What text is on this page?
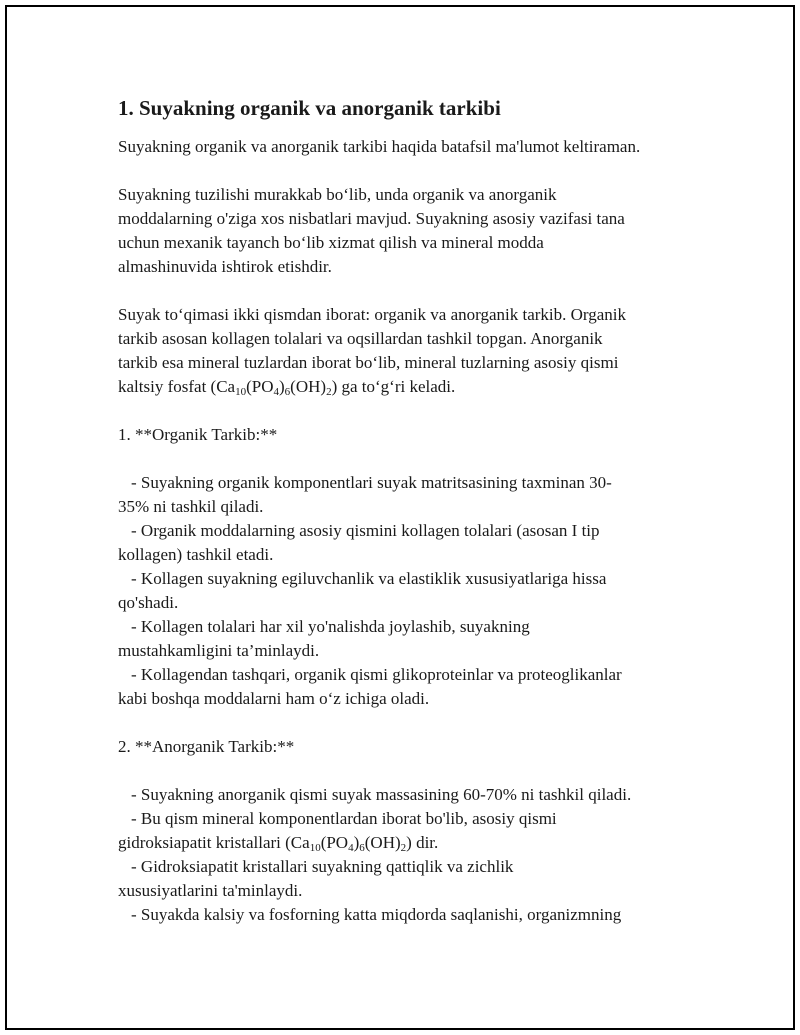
1. Suyakning organik va anorganik tarkibi

Suyakning organik va anorganik tarkibi haqida batafsil ma'lumot keltiraman.

Suyakning tuzilishi murakkab bo‘lib, unda organik va anorganik
moddalarning o'ziga xos nisbatlari mavjud. Suyakning asosiy vazifasi tana
uchun mexanik tayanch bo‘lib xizmat qilish va mineral modda
almashinuvida ishtirok etishdir.

Suyak to‘qimasi ikki qismdan iborat: organik va anorganik tarkib. Organik
tarkib asosan kollagen tolalari va oqsillardan tashkil topgan. Anorganik
tarkib esa mineral tuzlardan iborat bo‘lib, mineral tuzlarning asosiy qismi
kaltsiy fosfat $(Ca_{10}(PO_4)_6(OH)_2)$ ga to‘g‘ri keladi.

1. **Organik Tarkib:**

- Suyakning organik komponentlari suyak matritsasining taxminan 30-
35% ni tashkil qiladi.

- Organik moddalarning asosiy qismini kollagen tolalari (asosan I tip
kollagen) tashkil etadi.

- Kollagen suyakning egiluvchanlik va elastiklik xususiyatlariga hissa
qo'shadi.

- Kollagen tolalari har xil yo'nalishda joylashib, suyakning
mustahkamligini ta’minlaydi.

- Kollagendan tashqari, organik qismi glikoproteinlar va proteoglikanlar
kabi boshqa moddalarni ham o‘z ichiga oladi.

2. **Anorganik Tarkib:**

- Suyakning anorganik qismi suyak massasining 60-70% ni tashkil qiladi.

- Bu qism mineral komponentlardan iborat bo'lib, asosiy qismi
gidroksiapatit kristallari $(Ca_{10}(PO_4)_6(OH)_2)$ dir.

- Gidroksiapatit kristallari suyakning qattiqlik va zichlik
xususiyatlarini ta'minlaydi.

- Suyakda kalsiy va fosforning katta miqdorda saqlanishi, organizmning
